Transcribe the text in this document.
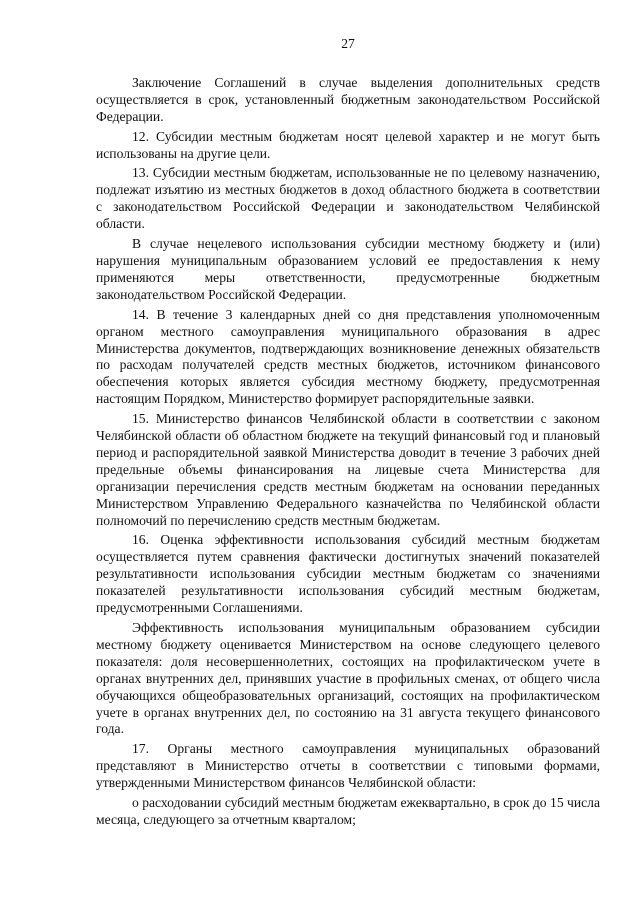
27

Заключение Соглашений в случае выделения дополнительных средств осуществляется в срок, установленный бюджетным законодательством Российской Федерации.

12. Субсидии местным бюджетам носят целевой характер и не могут быть использованы на другие цели.

13. Субсидии местным бюджетам, использованные не по целевому назначению, подлежат изъятию из местных бюджетов в доход областного бюджета в соответствии с законодательством Российской Федерации и законодательством Челябинской области.

В случае нецелевого использования субсидии местному бюджету и (или) нарушения муниципальным образованием условий ее предоставления к нему применяются меры ответственности, предусмотренные бюджетным законодательством Российской Федерации.

14. В течение 3 календарных дней со дня представления уполномоченным органом местного самоуправления муниципального образования в адрес Министерства документов, подтверждающих возникновение денежных обязательств по расходам получателей средств местных бюджетов, источником финансового обеспечения которых является субсидия местному бюджету, предусмотренная настоящим Порядком, Министерство формирует распорядительные заявки.

15. Министерство финансов Челябинской области в соответствии с законом Челябинской области об областном бюджете на текущий финансовый год и плановый период и распорядительной заявкой Министерства доводит в течение 3 рабочих дней предельные объемы финансирования на лицевые счета Министерства для организации перечисления средств местным бюджетам на основании переданных Министерством Управлению Федерального казначейства по Челябинской области полномочий по перечислению средств местным бюджетам.

16. Оценка эффективности использования субсидий местным бюджетам осуществляется путем сравнения фактически достигнутых значений показателей результативности использования субсидии местным бюджетам со значениями показателей результативности использования субсидий местным бюджетам, предусмотренными Соглашениями.

Эффективность использования муниципальным образованием субсидии местному бюджету оценивается Министерством на основе следующего целевого показателя: доля несовершеннолетних, состоящих на профилактическом учете в органах внутренних дел, принявших участие в профильных сменах, от общего числа обучающихся общеобразовательных организаций, состоящих на профилактическом учете в органах внутренних дел, по состоянию на 31 августа текущего финансового года.

17. Органы местного самоуправления муниципальных образований представляют в Министерство отчеты в соответствии с типовыми формами, утвержденными Министерством финансов Челябинской области:

о расходовании субсидий местным бюджетам ежеквартально, в срок до 15 числа месяца, следующего за отчетным кварталом;
